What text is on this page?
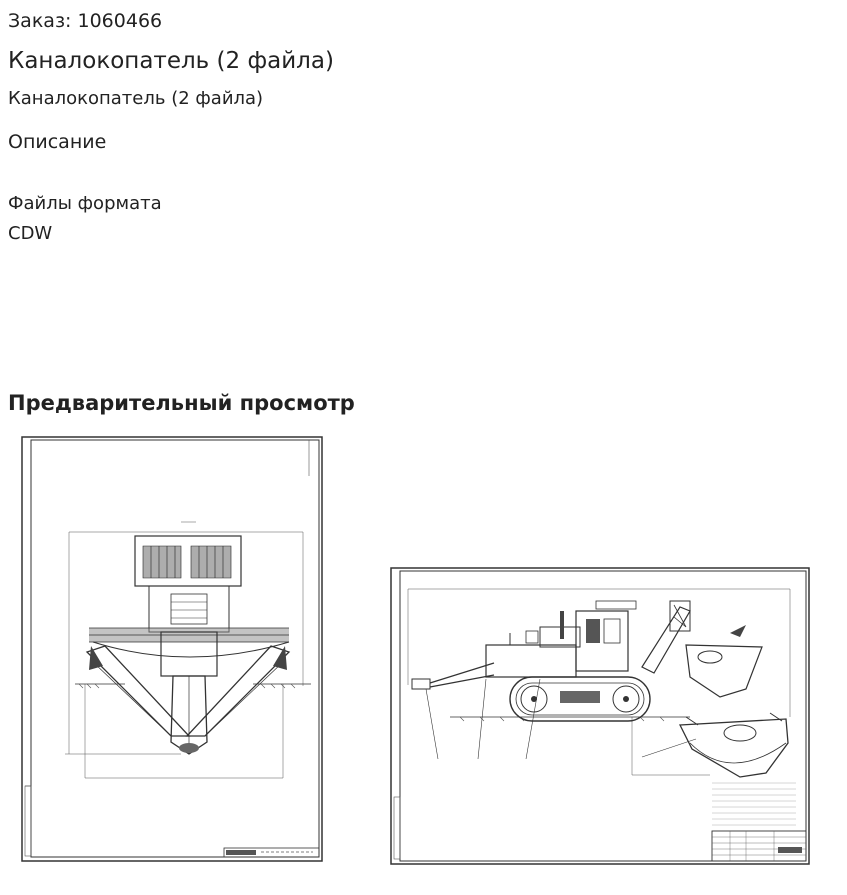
Заказ: 1060466
Каналокопатель (2 файла)
Каналокопатель (2 файла)
Описание
Файлы формата
CDW
Предварительный просмотр
